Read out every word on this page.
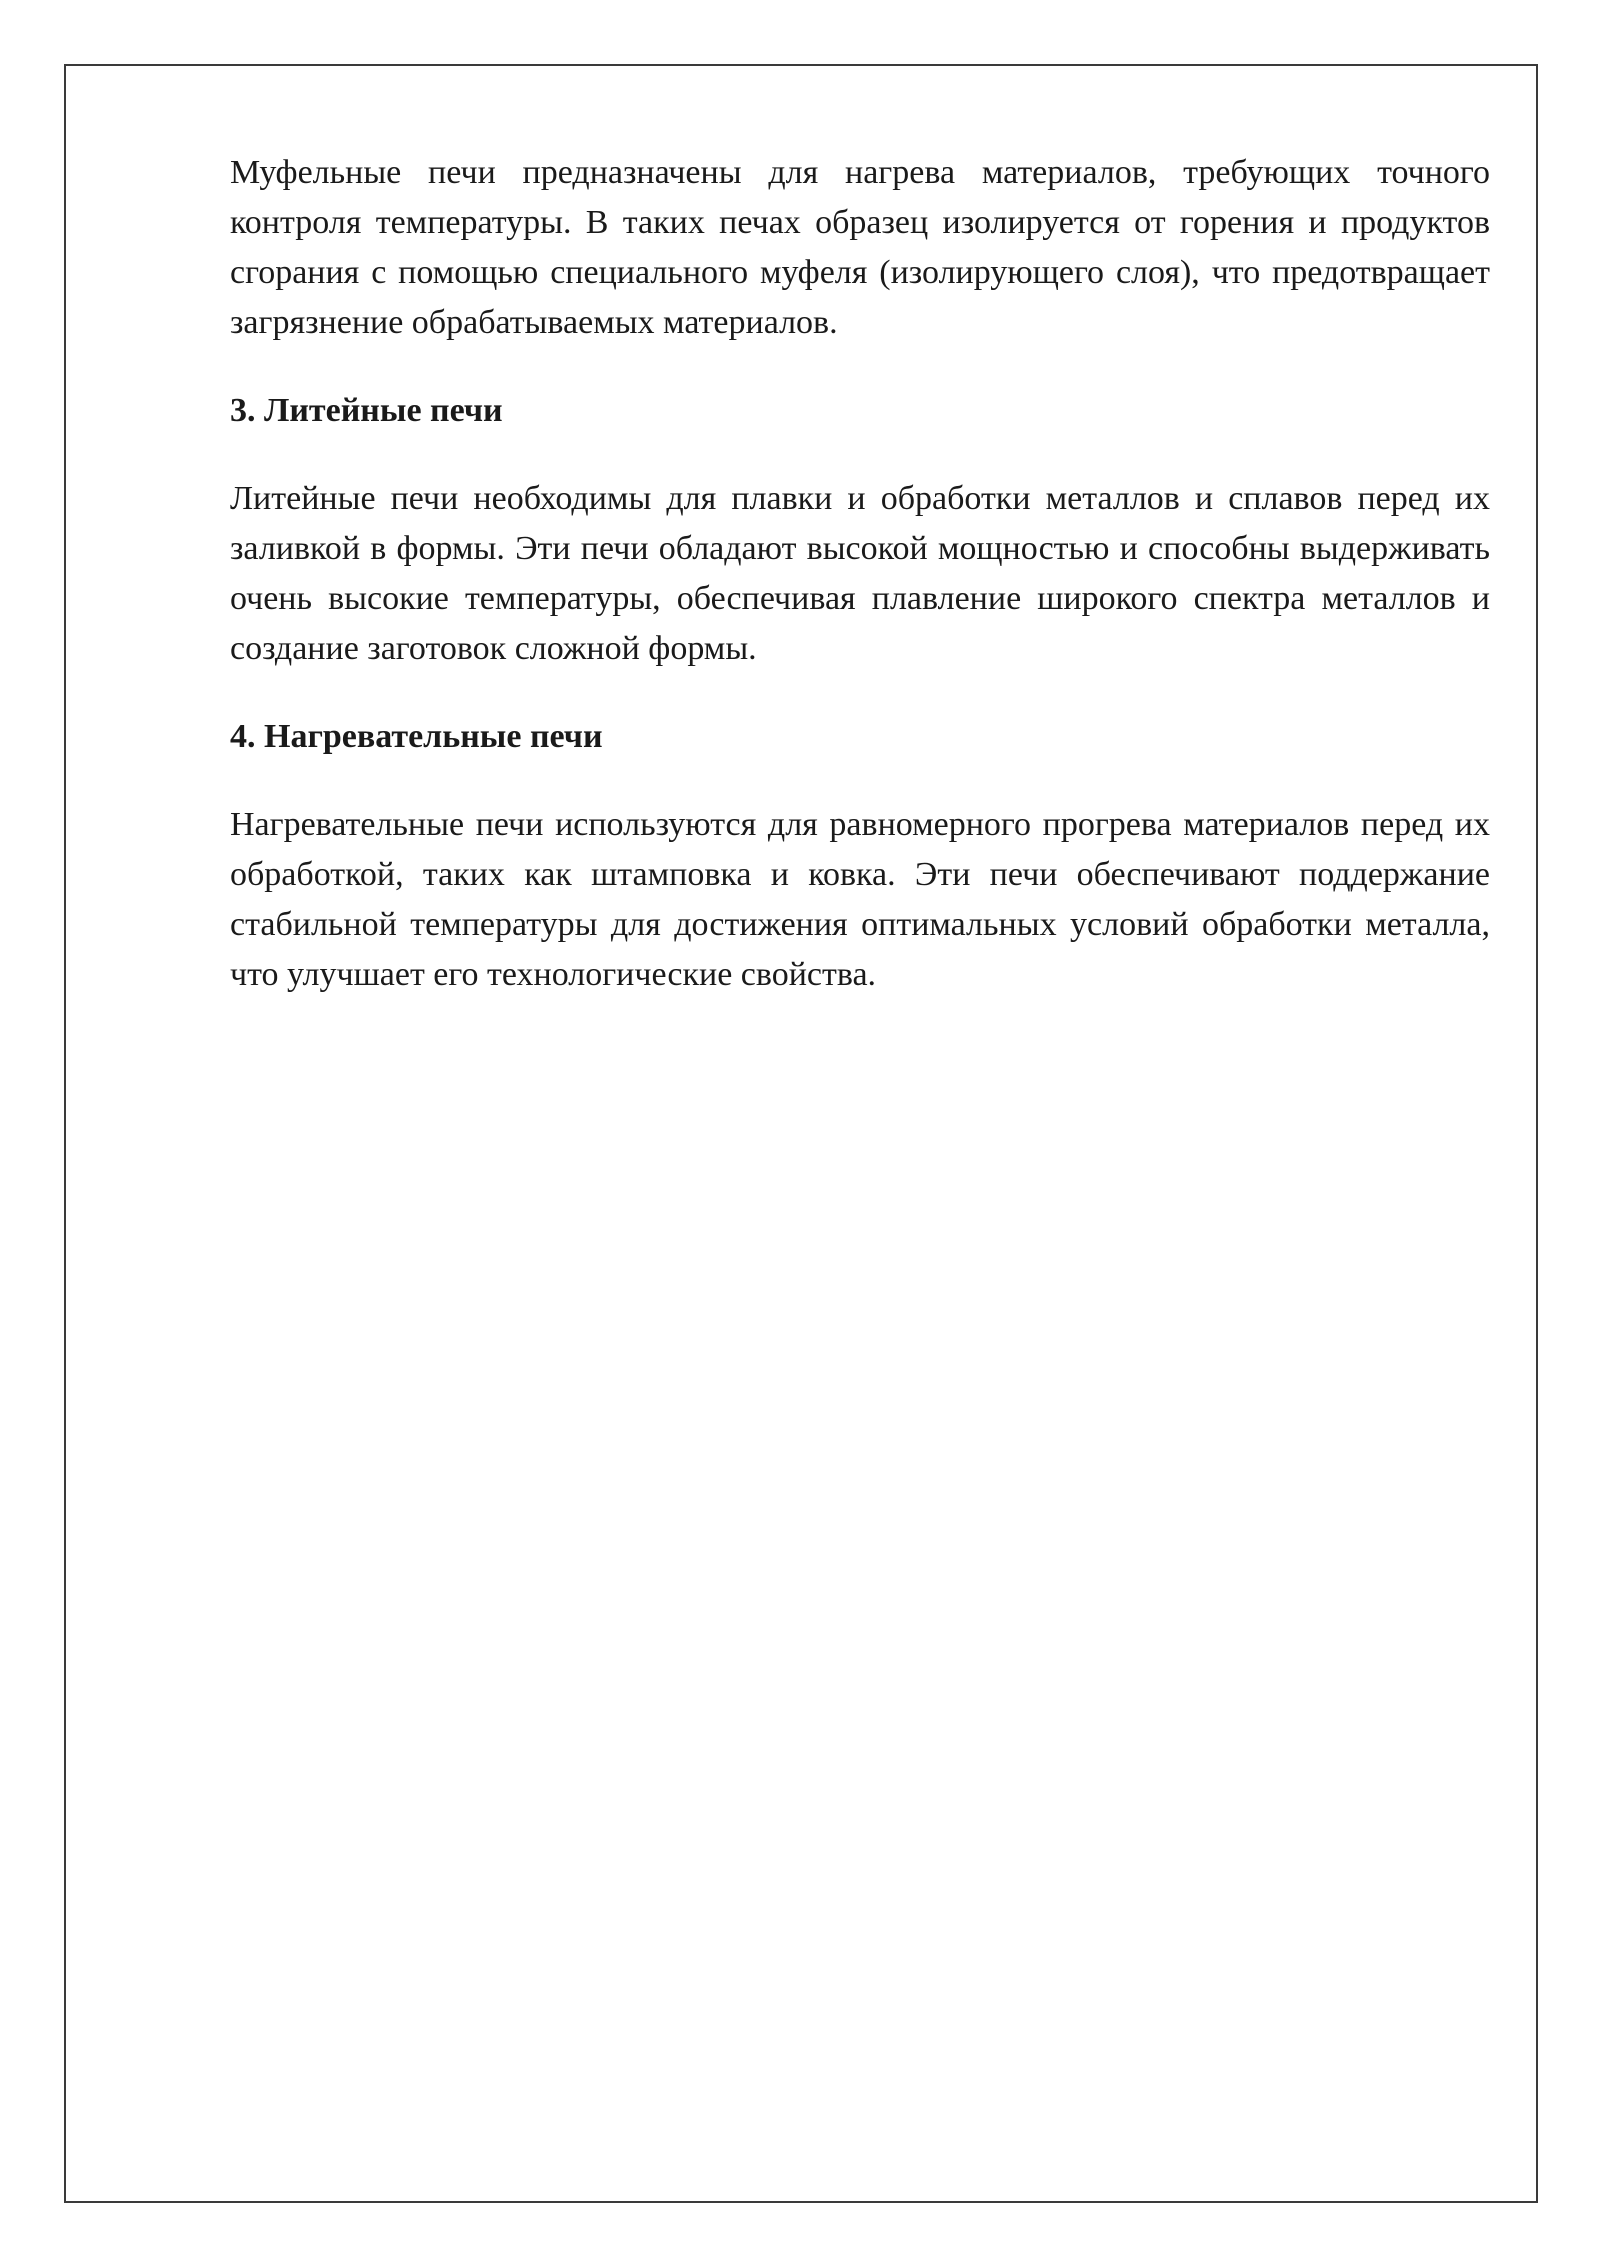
Муфельные печи предназначены для нагрева материалов, требующих точного контроля температуры. В таких печах образец изолируется от горения и продуктов сгорания с помощью специального муфеля (изолирующего слоя), что предотвращает загрязнение обрабатываемых материалов.

3. Литейные печи

Литейные печи необходимы для плавки и обработки металлов и сплавов перед их заливкой в формы. Эти печи обладают высокой мощностью и способны выдерживать очень высокие температуры, обеспечивая плавление широкого спектра металлов и создание заготовок сложной формы.

4. Нагревательные печи

Нагревательные печи используются для равномерного прогрева материалов перед их обработкой, таких как штамповка и ковка. Эти печи обеспечивают поддержание стабильной температуры для достижения оптимальных условий обработки металла, что улучшает его технологические свойства.
